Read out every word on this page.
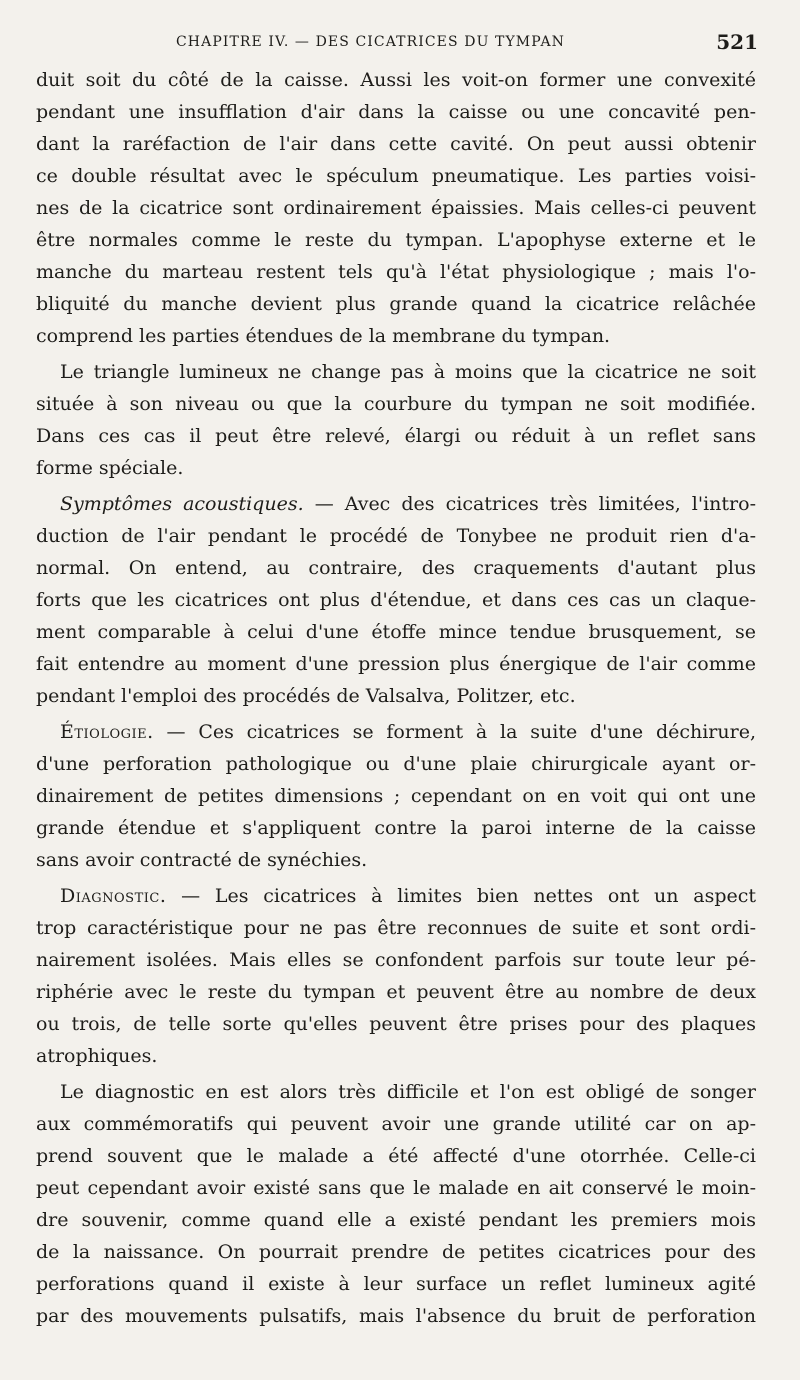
CHAPITRE IV. — DES CICATRICES DU TYMPAN	521
duit soit du côté de la caisse. Aussi les voit-on former une convexité
pendant une insufflation d'air dans la caisse ou une concavité pen-
dant la raréfaction de l'air dans cette cavité. On peut aussi obtenir
ce double résultat avec le spéculum pneumatique. Les parties voisi-
nes de la cicatrice sont ordinairement épaissies. Mais celles-ci peuvent
être normales comme le reste du tympan. L'apophyse externe et le
manche du marteau restent tels qu'à l'état physiologique ; mais l'o-
bliquité du manche devient plus grande quand la cicatrice relâchée
comprend les parties étendues de la membrane du tympan.
Le triangle lumineux ne change pas à moins que la cicatrice ne soit
située à son niveau ou que la courbure du tympan ne soit modifiée.
Dans ces cas il peut être relevé, élargi ou réduit à un reflet sans
forme spéciale.
Symptômes acoustiques. — Avec des cicatrices très limitées, l'intro-
duction de l'air pendant le procédé de Tonybee ne produit rien d'a-
normal. On entend, au contraire, des craquements d'autant plus
forts que les cicatrices ont plus d'étendue, et dans ces cas un claque-
ment comparable à celui d'une étoffe mince tendue brusquement, se
fait entendre au moment d'une pression plus énergique de l'air comme
pendant l'emploi des procédés de Valsalva, Politzer, etc.
Étiologie. — Ces cicatrices se forment à la suite d'une déchirure,
d'une perforation pathologique ou d'une plaie chirurgicale ayant or-
dinairement de petites dimensions ; cependant on en voit qui ont une
grande étendue et s'appliquent contre la paroi interne de la caisse
sans avoir contracté de synéchies.
Diagnostic. — Les cicatrices à limites bien nettes ont un aspect
trop caractéristique pour ne pas être reconnues de suite et sont ordi-
nairement isolées. Mais elles se confondent parfois sur toute leur pé-
riphérie avec le reste du tympan et peuvent être au nombre de deux
ou trois, de telle sorte qu'elles peuvent être prises pour des plaques
atrophiques.
Le diagnostic en est alors très difficile et l'on est obligé de songer
aux commémoratifs qui peuvent avoir une grande utilité car on ap-
prend souvent que le malade a été affecté d'une otorrhée. Celle-ci
peut cependant avoir existé sans que le malade en ait conservé le moin-
dre souvenir, comme quand elle a existé pendant les premiers mois
de la naissance. On pourrait prendre de petites cicatrices pour des
perforations quand il existe à leur surface un reflet lumineux agité
par des mouvements pulsatifs, mais l'absence du bruit de perforation
